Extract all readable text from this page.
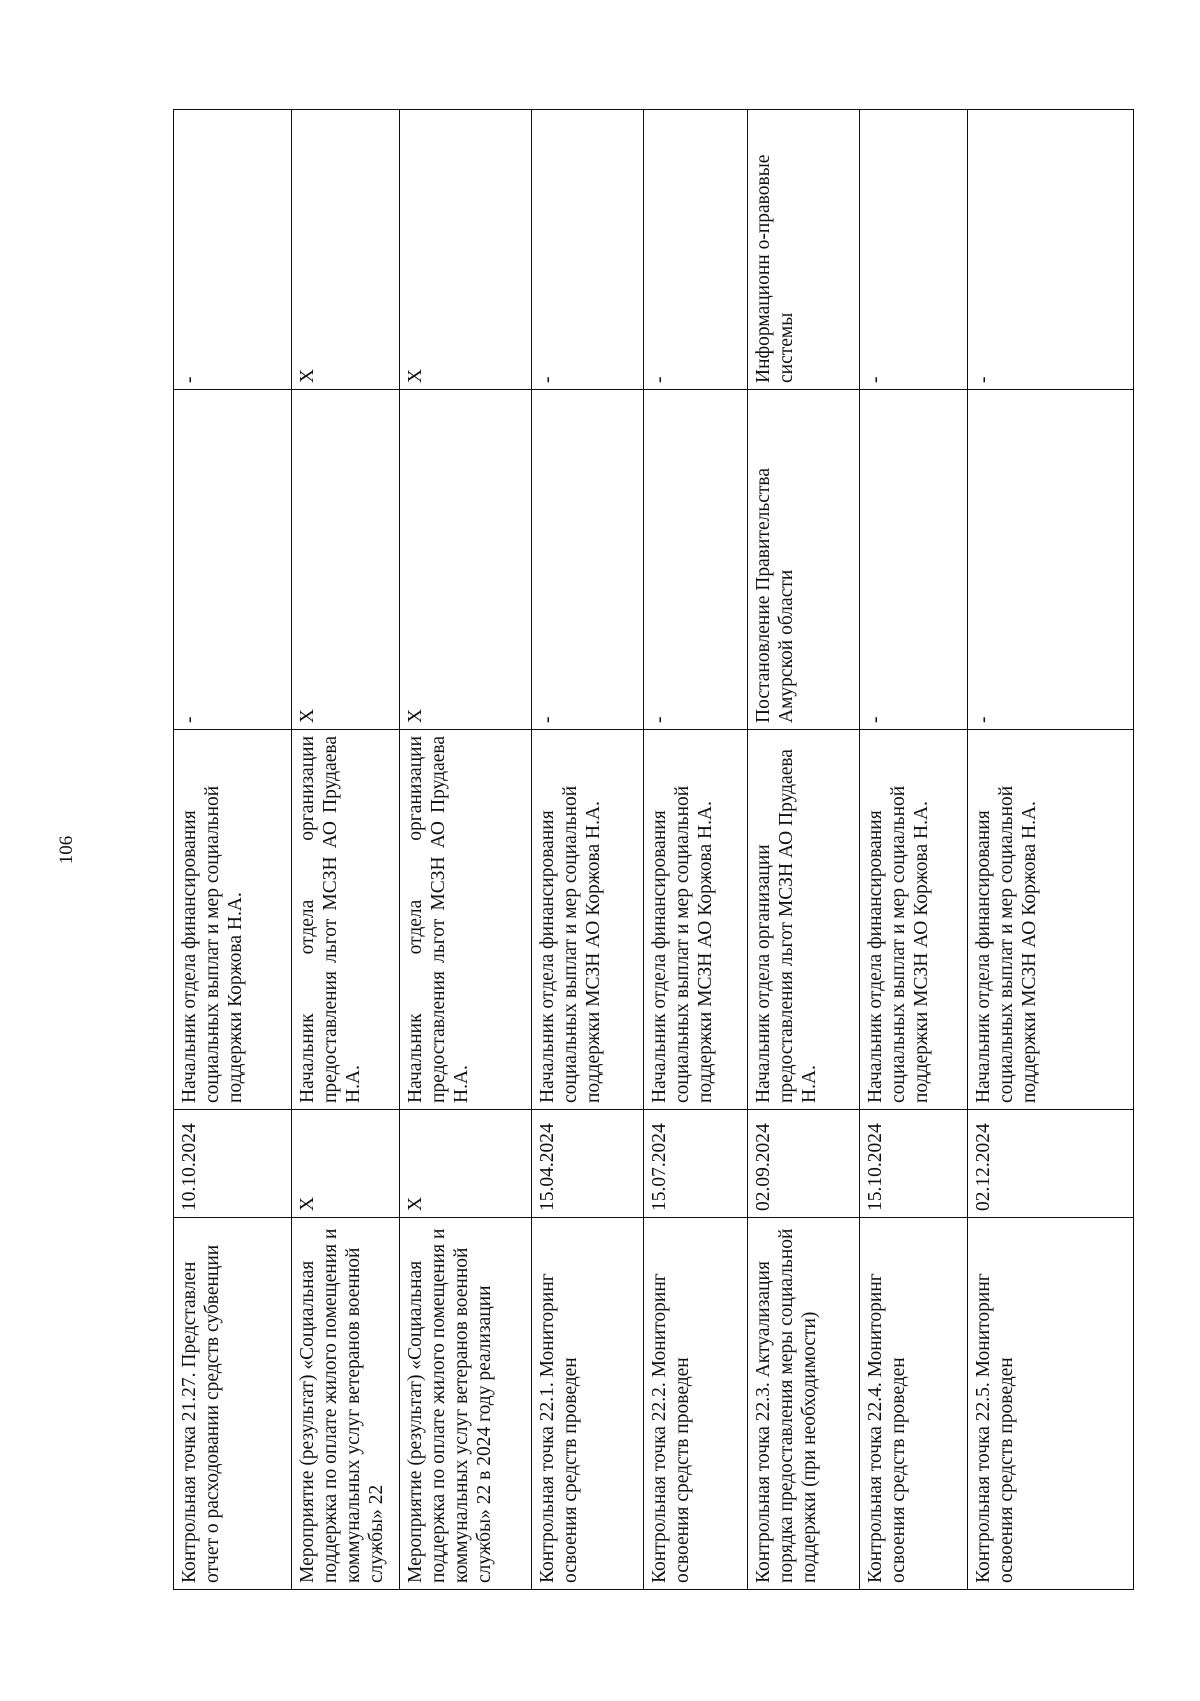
106
Контрольная точка 21.27. Представлен отчет о расходовании средств субвенции	10.10.2024	Начальник отдела финансирования социальных выплат и мер социальной поддержки Коржова Н.А.	-	-
Мероприятие (результат) «Социальная поддержка по оплате жилого помещения и коммунальных услуг ветеранов военной службы» 22	X	Начальник отдела организации предоставления льгот МСЗН АО Прудаева Н.А.	X	X
Мероприятие (результат) «Социальная поддержка по оплате жилого помещения и коммунальных услуг ветеранов военной службы» 22 в 2024 году реализации	X	Начальник отдела организации предоставления льгот МСЗН АО Прудаева Н.А.	X	X
Контрольная точка 22.1. Мониторинг освоения средств проведен	15.04.2024	Начальник отдела финансирования социальных выплат и мер социальной поддержки МСЗН АО Коржова Н.А.	-	-
Контрольная точка 22.2. Мониторинг освоения средств проведен	15.07.2024	Начальник отдела финансирования социальных выплат и мер социальной поддержки МСЗН АО Коржова Н.А.	-	-
Контрольная точка 22.3. Актуализация порядка предоставления меры социальной поддержки (при необходимости)	02.09.2024	Начальник отдела организации предоставления льгот МСЗН АО Прудаева Н.А.	Постановление Правительства Амурской области	Информационн о-правовые системы
Контрольная точка 22.4. Мониторинг освоения средств проведен	15.10.2024	Начальник отдела финансирования социальных выплат и мер социальной поддержки МСЗН АО Коржова Н.А.	-	-
Контрольная точка 22.5. Мониторинг освоения средств проведен	02.12.2024	Начальник отдела финансирования социальных выплат и мер социальной поддержки МСЗН АО Коржова Н.А.	-	-
